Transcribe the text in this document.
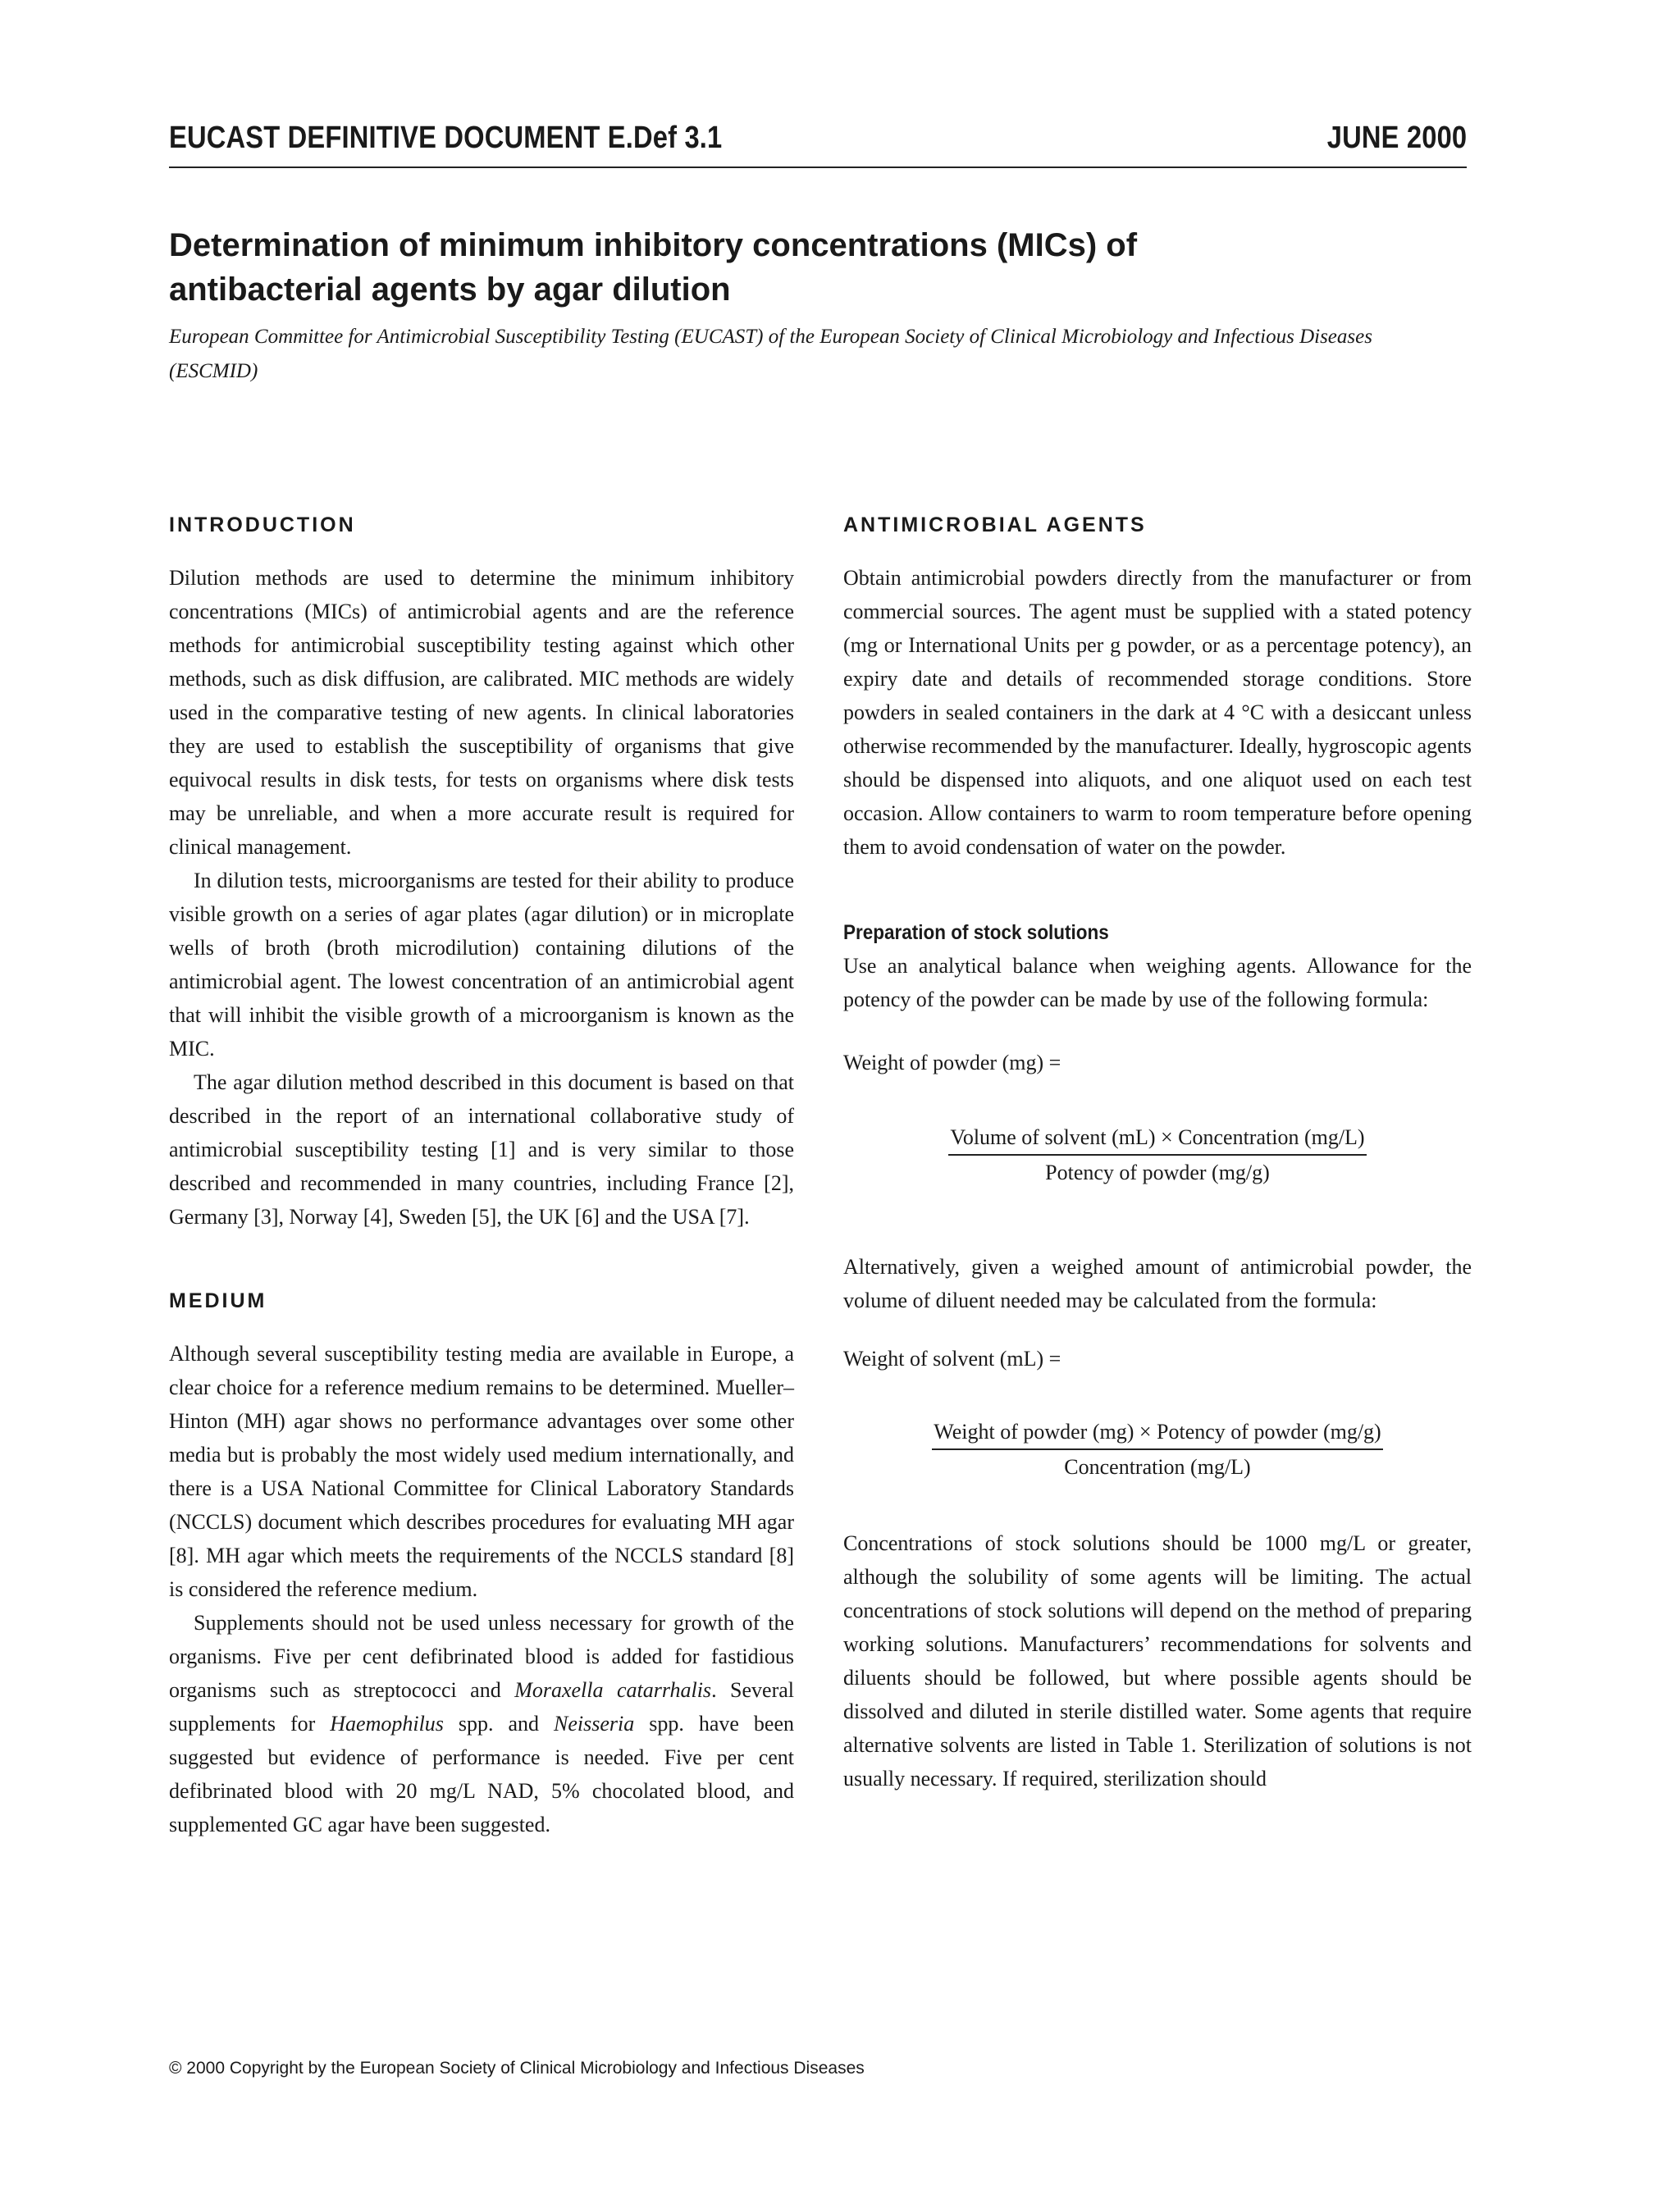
EUCAST DEFINITIVE DOCUMENT E.Def 3.1	JUNE 2000
Determination of minimum inhibitory concentrations (MICs) of
antibacterial agents by agar dilution

European Committee for Antimicrobial Susceptibility Testing (EUCAST) of the European Society of Clinical Microbiology and Infectious Diseases (ESCMID)

INTRODUCTION

Dilution methods are used to determine the minimum inhibitory concentrations (MICs) of antimicrobial agents and are the reference methods for antimicrobial susceptibility testing against which other methods, such as disk diffusion, are calibrated. MIC methods are widely used in the comparative testing of new agents. In clinical laboratories they are used to establish the susceptibility of organisms that give equivocal results in disk tests, for tests on organisms where disk tests may be unreliable, and when a more accurate result is required for clinical management.

In dilution tests, microorganisms are tested for their ability to produce visible growth on a series of agar plates (agar dilution) or in microplate wells of broth (broth microdilution) containing dilutions of the antimicrobial agent. The lowest concentration of an antimicrobial agent that will inhibit the visible growth of a microorganism is known as the MIC.

The agar dilution method described in this document is based on that described in the report of an international collaborative study of antimicrobial susceptibility testing [1] and is very similar to those described and recommended in many countries, including France [2], Germany [3], Norway [4], Sweden [5], the UK [6] and the USA [7].

MEDIUM

Although several susceptibility testing media are available in Europe, a clear choice for a reference medium remains to be determined. Mueller–Hinton (MH) agar shows no performance advantages over some other media but is probably the most widely used medium internationally, and there is a USA National Committee for Clinical Laboratory Standards (NCCLS) document which describes procedures for evaluating MH agar [8]. MH agar which meets the requirements of the NCCLS standard [8] is considered the reference medium.

Supplements should not be used unless necessary for growth of the organisms. Five per cent defibrinated blood is added for fastidious organisms such as streptococci and Moraxella catarrhalis. Several supplements for Haemophilus spp. and Neisseria spp. have been suggested but evidence of performance is needed. Five per cent defibrinated blood with 20 mg/L NAD, 5% chocolated blood, and supplemented GC agar have been suggested.

ANTIMICROBIAL AGENTS

Obtain antimicrobial powders directly from the manufacturer or from commercial sources. The agent must be supplied with a stated potency (mg or International Units per g powder, or as a percentage potency), an expiry date and details of recommended storage conditions. Store powders in sealed containers in the dark at 4 °C with a desiccant unless otherwise recommended by the manufacturer. Ideally, hygroscopic agents should be dispensed into aliquots, and one aliquot used on each test occasion. Allow containers to warm to room temperature before opening them to avoid condensation of water on the powder.

Preparation of stock solutions

Use an analytical balance when weighing agents. Allowance for the potency of the powder can be made by use of the following formula:

Weight of powder (mg) =

Volume of solvent (mL) × Concentration (mg/L)
Potency of powder (mg/g)

Alternatively, given a weighed amount of antimicrobial powder, the volume of diluent needed may be calculated from the formula:

Weight of solvent (mL) =

Weight of powder (mg) × Potency of powder (mg/g)
Concentration (mg/L)

Concentrations of stock solutions should be 1000 mg/L or greater, although the solubility of some agents will be limiting. The actual concentrations of stock solutions will depend on the method of preparing working solutions. Manufacturers’ recommendations for solvents and diluents should be followed, but where possible agents should be dissolved and diluted in sterile distilled water. Some agents that require alternative solvents are listed in Table 1. Sterilization of solutions is not usually necessary. If required, sterilization should

© 2000 Copyright by the European Society of Clinical Microbiology and Infectious Diseases
